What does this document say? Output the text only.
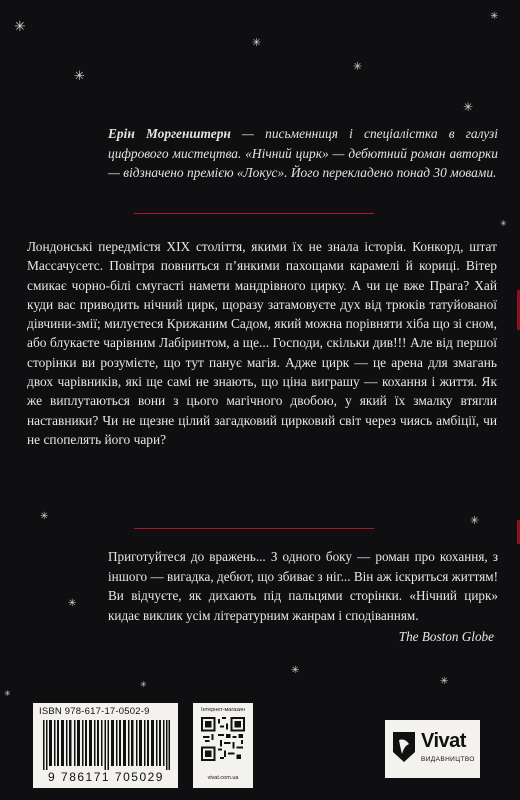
✳
✳
✳
✳
✳
✳
✳
✳	✳
✳
✳
✳
✳
✳

Ерін Моргенштерн — письменниця і спеціалістка в галузі цифрового мистецтва. «Нічний цирк» — дебютний роман авторки — відзначено премією «Локус». Його перекладено понад 30 мовами.

Лондонські передмістя XIX століття, якими їх не знала історія. Конкорд, штат Массачусетс. Повітря повниться п’янкими пахощами карамелі й кориці. Вітер смикає чорно-білі смугасті намети мандрівного цирку. А чи це вже Прага? Хай куди вас приводить нічний цирк, щоразу затамовуєте дух від трюків татуйованої дівчини-змії; милуєтеся Крижаним Садом, який можна порівняти хіба що зі сном, або блукаєте чарівним Лабіринтом, а ще... Господи, скільки див!!! Але від першої сторінки ви розумієте, що тут панує магія. Адже цирк — це арена для змагань двох чарівників, які ще самі не знають, що ціна виграшу — кохання і життя. Як же виплутаються вони з цього магічного двобою, у який їх змалку втягли наставники? Чи не щезне цілий загадковий цирковий світ через чиясь амбіції, чи не спопелять його чари?

Приготуйтеся до вражень... З одного боку — роман про кохання, з іншого — вигадка, дебют, що збиває з ніг... Він аж іскриться життям! Ви відчуєте, як дихають під пальцями сторінки. «Нічний цирк» кидає виклик усім літературним жанрам і сподіванням.

The Boston Globe
ISBN 978-617-17-0502-9
9 786171 705029
Інтернет-магазин
vivat.com.ua
Vivat
ВИДАВНИЦТВО
